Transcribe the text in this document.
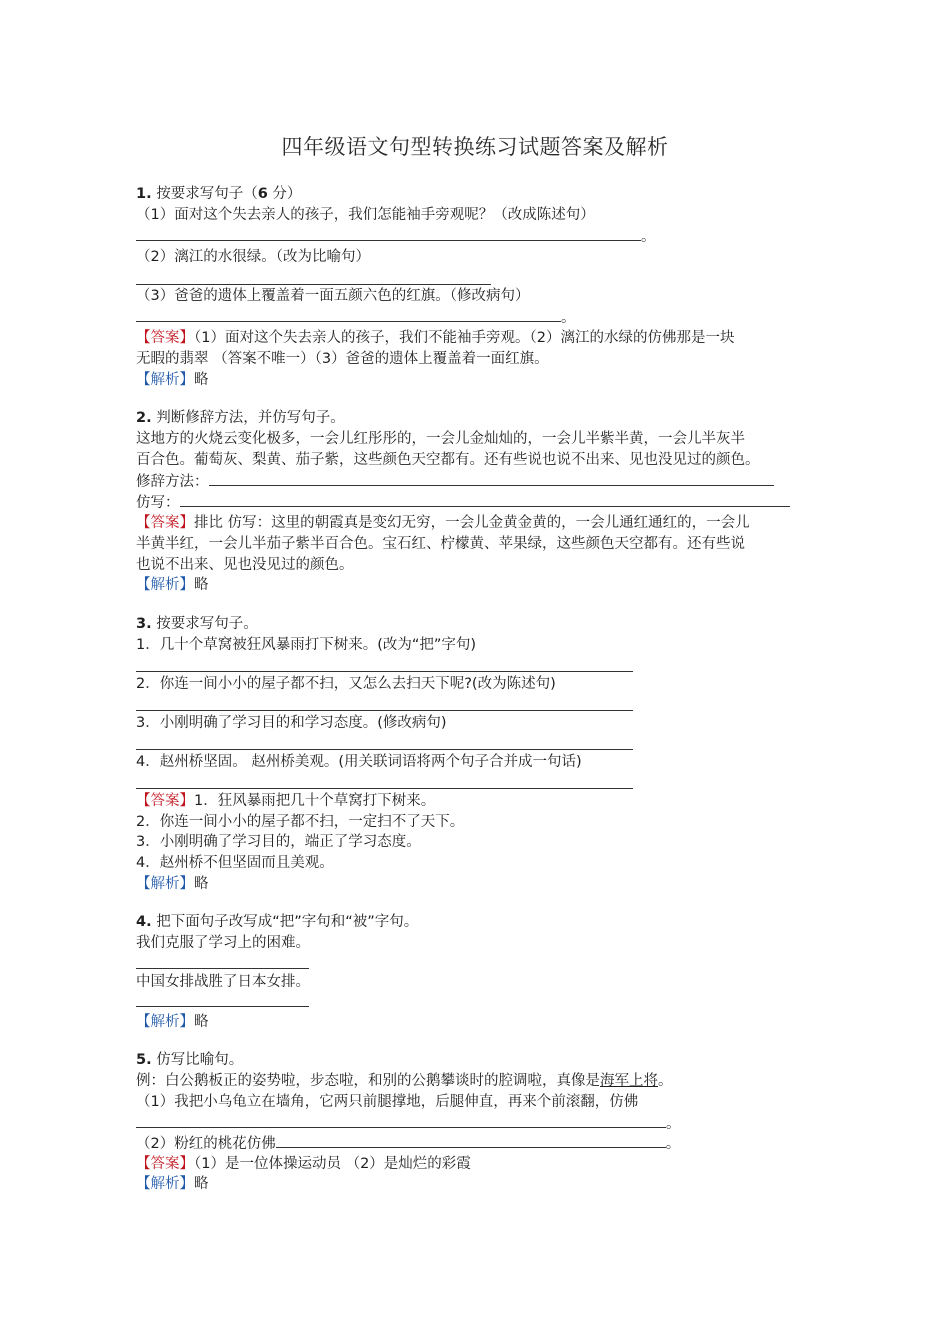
四年级语文句型转换练习试题答案及解析
1. 按要求写句子（6 分）
（1）面对这个失去亲人的孩子，我们怎能袖手旁观呢？（改成陈述句）
。
（2）漓江的水很绿。（改为比喻句）
（3）爸爸的遗体上覆盖着一面五颜六色的红旗。（修改病句）
。
【答案】（1）面对这个失去亲人的孩子，我们不能袖手旁观。（2）漓江的水绿的仿佛那是一块
无暇的翡翠 （答案不唯一）（3）爸爸的遗体上覆盖着一面红旗。
【解析】略
2. 判断修辞方法，并仿写句子。
这地方的火烧云变化极多，一会儿红彤彤的，一会儿金灿灿的，一会儿半紫半黄，一会儿半灰半
百合色。葡萄灰、梨黄、茄子紫，这些颜色天空都有。还有些说也说不出来、见也没见过的颜色。
修辞方法：
仿写：
【答案】排比 仿写：这里的朝霞真是变幻无穷，一会儿金黄金黄的，一会儿通红通红的，一会儿
半黄半红，一会儿半茄子紫半百合色。宝石红、柠檬黄、苹果绿，这些颜色天空都有。还有些说
也说不出来、见也没见过的颜色。
【解析】略
3. 按要求写句子。
1．几十个草窝被狂风暴雨打下树来。(改为“把”字句)
2．你连一间小小的屋子都不扫，又怎么去扫天下呢?(改为陈述句)
3．小刚明确了学习目的和学习态度。(修改病句)
4．赵州桥坚固。 赵州桥美观。(用关联词语将两个句子合并成一句话)
【答案】1．狂风暴雨把几十个草窝打下树来。
2．你连一间小小的屋子都不扫，一定扫不了天下。
3．小刚明确了学习目的，端正了学习态度。
4．赵州桥不但坚固而且美观。
【解析】略
4. 把下面句子改写成“把”字句和“被”字句。
我们克服了学习上的困难。
中国女排战胜了日本女排。
【解析】略
5. 仿写比喻句。
例：白公鹅板正的姿势啦，步态啦，和别的公鹅攀谈时的腔调啦，真像是海军上将。
（1）我把小乌龟立在墙角，它两只前腿撑地，后腿伸直，再来个前滚翻，仿佛
。
（2）粉红的桃花仿佛	。
【答案】（1）是一位体操运动员 （2）是灿烂的彩霞
【解析】略
